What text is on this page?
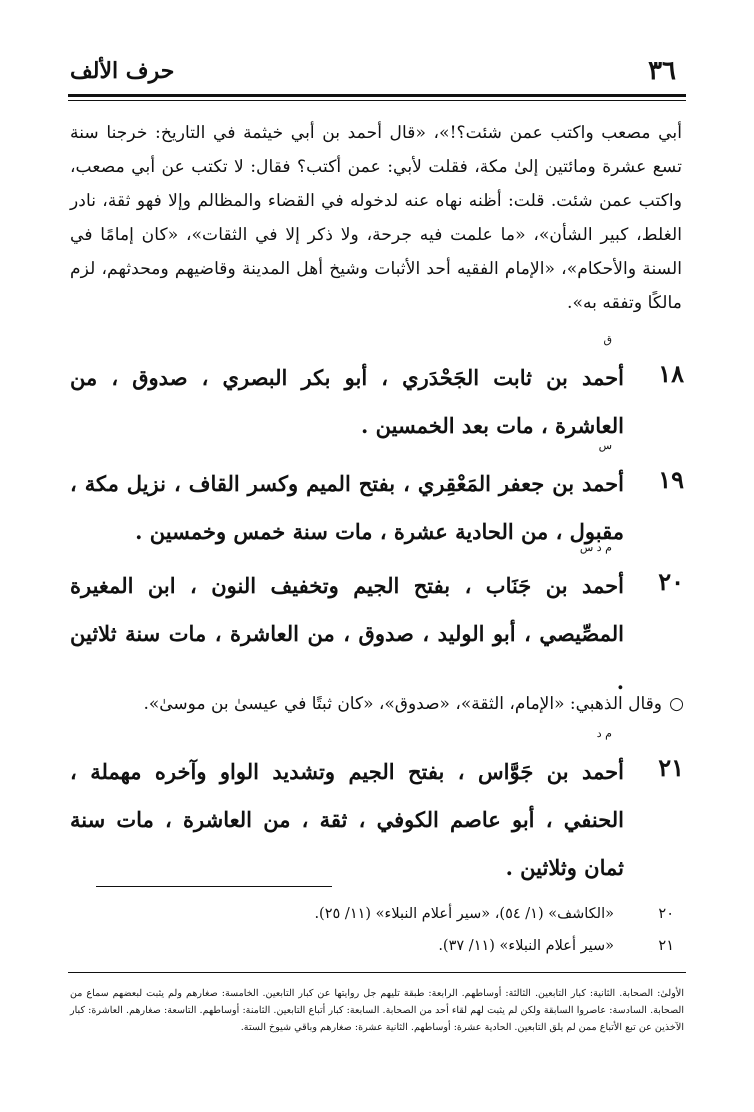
٣٦
حرف الألف
أبي مصعب واكتب عمن شئت؟!»، «قال أحمد بن أبي خيثمة في التاريخ: خرجنا سنة تسع عشرة ومائتين إلىٰ مكة، فقلت لأبي: عمن أكتب؟ فقال: لا تكتب عن أبي مصعب، واكتب عمن شئت. قلت: أظنه نهاه عنه لدخوله في القضاء والمظالم وإلا فهو ثقة، نادر الغلط، كبير الشأن»، «ما علمت فيه جرحة، ولا ذكر إلا في الثقات»، «كان إمامًا في السنة والأحكام»، «الإمام الفقيه أحد الأثبات وشيخ أهل المدينة وقاضيهم ومحدثهم، لزم مالكًا وتفقه به».
١٨
ق
أحمد بن ثابت الجَحْدَري ، أبو بكر البصري ، صدوق ، من العاشرة ، مات بعد الخمسين .
١٩
س
أحمد بن جعفر المَعْقِري ، بفتح الميم وكسر القاف ، نزيل مكة ، مقبول ، من الحادية عشرة ، مات سنة خمس وخمسين .
٢٠
م د س
أحمد بن جَنَاب ، بفتح الجيم وتخفيف النون ، ابن المغيرة المصِّيصي ، أبو الوليد ، صدوق ، من العاشرة ، مات سنة ثلاثين .
○
وقال الذهبي: «الإمام، الثقة»، «صدوق»، «كان ثبتًا في عيسىٰ بن موسىٰ».
٢١
م د
أحمد بن جَوَّاس ، بفتح الجيم وتشديد الواو وآخره مهملة ، الحنفي ، أبو عاصم الكوفي ، ثقة ، من العاشرة ، مات سنة ثمان وثلاثين .
٢٠
«الكاشف» (١/ ٥٤)، «سير أعلام النبلاء» (١١/ ٢٥).
٢١
«سير أعلام النبلاء» (١١/ ٣٧).
الأولىٰ: الصحابة. الثانية: كبار التابعين. الثالثة: أوساطهم. الرابعة: طبقة تليهم جل روايتها عن كبار التابعين. الخامسة: صغارهم ولم يثبت لبعضهم سماع من الصحابة. السادسة: عاصروا السابقة ولكن لم يثبت لهم لقاء أحد من الصحابة. السابعة: كبار أتباع التابعين. الثامنة: أوساطهم. التاسعة: صغارهم. العاشرة: كبار الآخذين عن تبع الأتباع ممن لم يلق التابعين. الحادية عشرة: أوساطهم. الثانية عشرة: صغارهم وباقي شيوخ الستة.
